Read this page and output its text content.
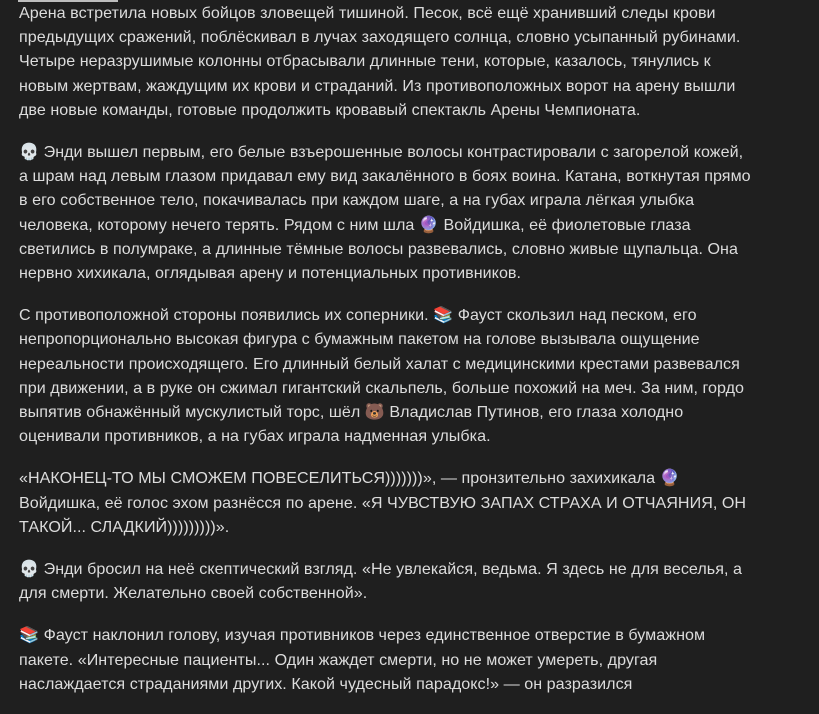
Арена встретила новых бойцов зловещей тишиной. Песок, всё ещё хранивший следы крови
предыдущих сражений, поблёскивал в лучах заходящего солнца, словно усыпанный рубинами.
Четыре неразрушимые колонны отбрасывали длинные тени, которые, казалось, тянулись к
новым жертвам, жаждущим их крови и страданий. Из противоположных ворот на арену вышли
две новые команды, готовые продолжить кровавый спектакль Арены Чемпионата.

💀 Энди вышел первым, его белые взъерошенные волосы контрастировали с загорелой кожей,
а шрам над левым глазом придавал ему вид закалённого в боях воина. Катана, воткнутая прямо
в его собственное тело, покачивалась при каждом шаге, а на губах играла лёгкая улыбка
человека, которому нечего терять. Рядом с ним шла 🔮 Войдишка, её фиолетовые глаза
светились в полумраке, а длинные тёмные волосы развевались, словно живые щупальца. Она
нервно хихикала, оглядывая арену и потенциальных противников.

С противоположной стороны появились их соперники. 📚 Фауст скользил над песком, его
непропорционально высокая фигура с бумажным пакетом на голове вызывала ощущение
нереальности происходящего. Его длинный белый халат с медицинскими крестами развевался
при движении, а в руке он сжимал гигантский скальпель, больше похожий на меч. За ним, гордо
выпятив обнажённый мускулистый торс, шёл 🐻 Владислав Путинов, его глаза холодно
оценивали противников, а на губах играла надменная улыбка.

«НАКОНЕЦ-ТО МЫ СМОЖЕМ ПОВЕСЕЛИТЬСЯ)))))))», — пронзительно захихикала 🔮
Войдишка, её голос эхом разнёсся по арене. «Я ЧУВСТВУЮ ЗАПАХ СТРАХА И ОТЧАЯНИЯ, ОН
ТАКОЙ... СЛАДКИЙ)))))))))».

💀 Энди бросил на неё скептический взгляд. «Не увлекайся, ведьма. Я здесь не для веселья, а
для смерти. Желательно своей собственной».

📚 Фауст наклонил голову, изучая противников через единственное отверстие в бумажном
пакете. «Интересные пациенты... Один жаждет смерти, но не может умереть, другая
наслаждается страданиями других. Какой чудесный парадокс!» — он разразился
